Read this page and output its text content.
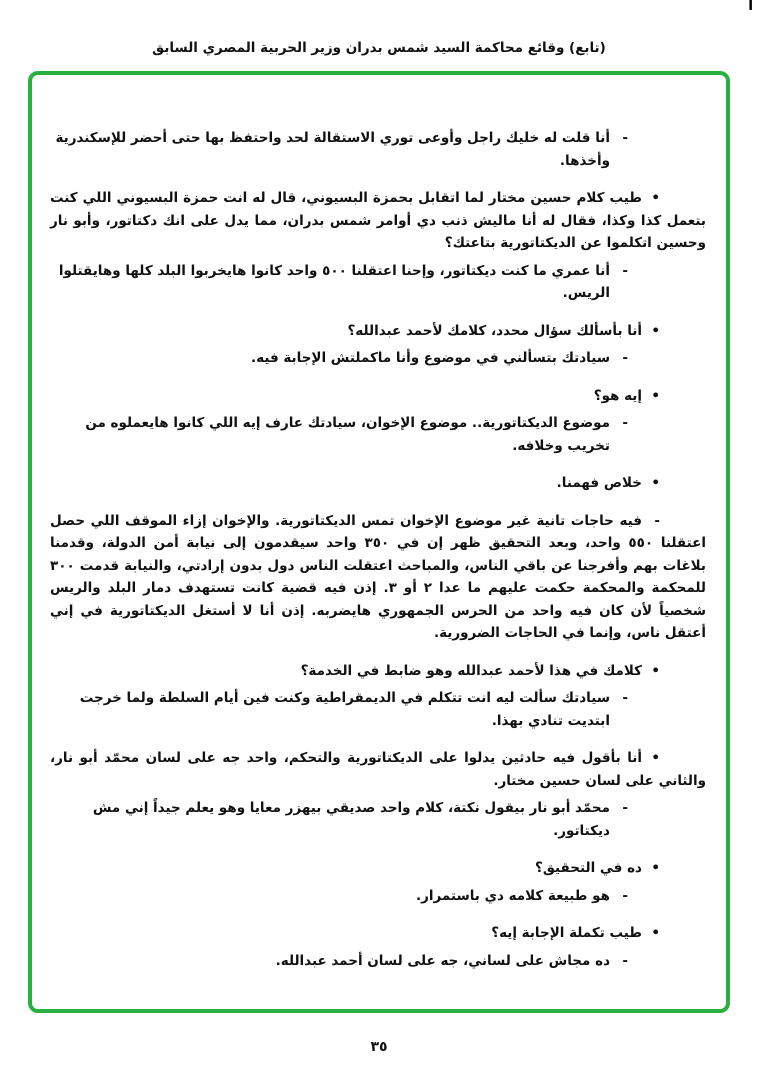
ا
(تابع) وقائع محاكمة السيد شمس بدران وزير الحربية المصري السابق

-أنا قلت له خليك راجل وأوعى توري الاستقالة لحد واحتفظ بها حتى أحضر للإسكندرية وأخذها.

•طيب كلام حسين مختار لما اتقابل بحمزة البسيوني، قال له انت حمزة البسيوني اللي كنت بتعمل كذا وكذا، فقال له أنا ماليش ذنب دي أوامر شمس بدران، مما يدل على انك دكتاتور، وأبو نار وحسين اتكلموا عن الديكتاتورية بتاعتك؟

-أنا عمري ما كنت ديكتاتور، وإحنا اعتقلنا ٥٠٠ واحد كانوا هايخربوا البلد كلها وهايقتلوا الريس.

•أنا بأسألك سؤال محدد، كلامك لأحمد عبدالله؟

-سيادتك بتسألني في موضوع وأنا ماكملتش الإجابة فيه.

•إيه هو؟

-موضوع الديكتاتورية.. موضوع الإخوان، سيادتك عارف إيه اللي كانوا هايعملوه من تخريب وخلافه.

•خلاص فهمنا.

-فيه حاجات تانية غير موضوع الإخوان تمس الديكتاتورية. والإخوان إزاء الموقف اللي حصل اعتقلنا ٥٥٠ واحد، وبعد التحقيق ظهر إن في ٣٥٠ واحد سيقدمون إلى نيابة أمن الدولة، وقدمنا بلاغات بهم وأفرجنا عن باقي الناس، والمباحث اعتقلت الناس دول بدون إرادتي، والنيابة قدمت ٣٠٠ للمحكمة والمحكمة حكمت عليهم ما عدا ٢ أو ٣. إذن فيه قضية كانت تستهدف دمار البلد والريس شخصياً لأن كان فيه واحد من الحرس الجمهوري هايضربه. إذن أنا لا أستغل الديكتاتورية في إني أعتقل ناس، وإنما في الحاجات الضرورية.

•كلامك في هذا لأحمد عبدالله وهو ضابط في الخدمة؟

-سيادتك سألت ليه انت تتكلم في الديمقراطية وكنت فين أيام السلطة ولما خرجت ابتديت تنادي بهذا.

•أنا بأقول فيه حادثين يدلوا على الديكتاتورية والتحكم، واحد جه على لسان محمّد أبو نار، والثاني على لسان حسين مختار.

-محمّد أبو نار بيقول نكتة، كلام واحد صديقي بيهزر معايا وهو يعلم جيداً إني مش ديكتاتور.

•ده في التحقيق؟

-هو طبيعة كلامه دي باستمرار.

•طيب تكملة الإجابة إيه؟

-ده مجاش على لساني، جه على لسان أحمد عبدالله.

٣٥
